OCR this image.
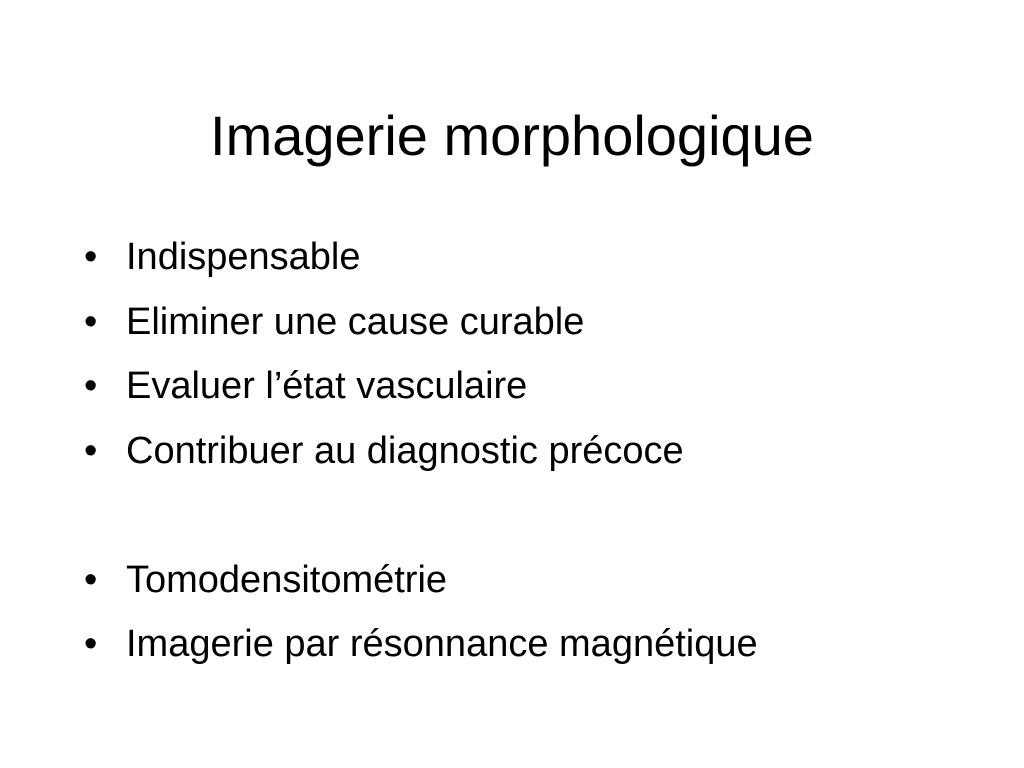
Imagerie morphologique
• Indispensable
• Eliminer une cause curable
• Evaluer l’état vasculaire
• Contribuer au diagnostic précoce
• Tomodensitométrie
• Imagerie par résonnance magnétique
